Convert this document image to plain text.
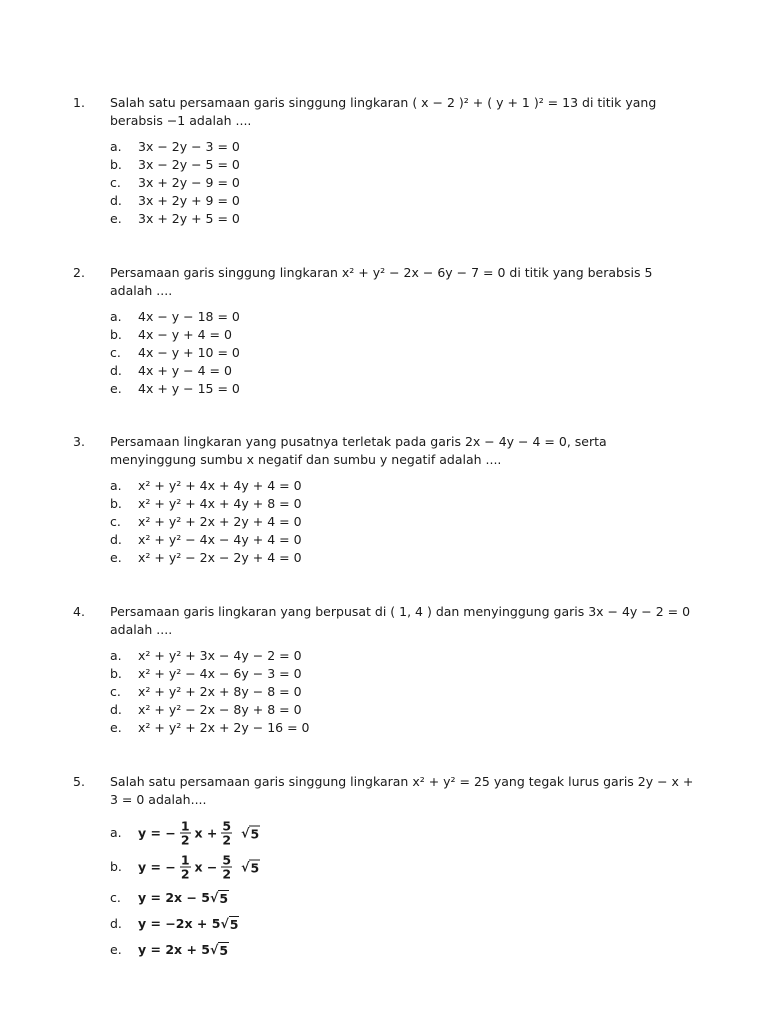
1. Salah satu persamaan garis singgung lingkaran ( x − 2 )² + ( y + 1 )² = 13 di titik yang berabsis −1 adalah ....
a. 3x − 2y − 3 = 0
b. 3x − 2y − 5 = 0
c. 3x + 2y − 9 = 0
d. 3x + 2y + 9 = 0
e. 3x + 2y + 5 = 0
2. Persamaan garis singgung lingkaran x² + y² − 2x − 6y − 7 = 0 di titik yang berabsis 5 adalah ....
a. 4x − y − 18 = 0
b. 4x − y + 4 = 0
c. 4x − y + 10 = 0
d. 4x + y − 4 = 0
e. 4x + y − 15 = 0
3. Persamaan lingkaran yang pusatnya terletak pada garis 2x − 4y − 4 = 0, serta menyinggung sumbu x negatif dan sumbu y negatif adalah ....
a. x² + y² + 4x + 4y + 4 = 0
b. x² + y² + 4x + 4y + 8 = 0
c. x² + y² + 2x + 2y + 4 = 0
d. x² + y² − 4x − 4y + 4 = 0
e. x² + y² − 2x − 2y + 4 = 0
4. Persamaan garis lingkaran yang berpusat di ( 1, 4 ) dan menyinggung garis 3x − 4y − 2 = 0 adalah ....
a. x² + y² + 3x − 4y − 2 = 0
b. x² + y² − 4x − 6y − 3 = 0
c. x² + y² + 2x + 8y − 8 = 0
d. x² + y² − 2x − 8y + 8 = 0
e. x² + y² + 2x + 2y − 16 = 0
5. Salah satu persamaan garis singgung lingkaran x² + y² = 25 yang tegak lurus garis 2y − x + 3 = 0 adalah....
a. y = − $\frac{1}{2}$ $x + \frac{5}{2}$ √ 5
b. y = − $\frac{1}{2}$ $x - \frac{5}{2}$ √ 5
c. y = 2x − 5 √ 5
d. y = −2x + 5 √ 5
e. y = 2x + 5 √ 5
